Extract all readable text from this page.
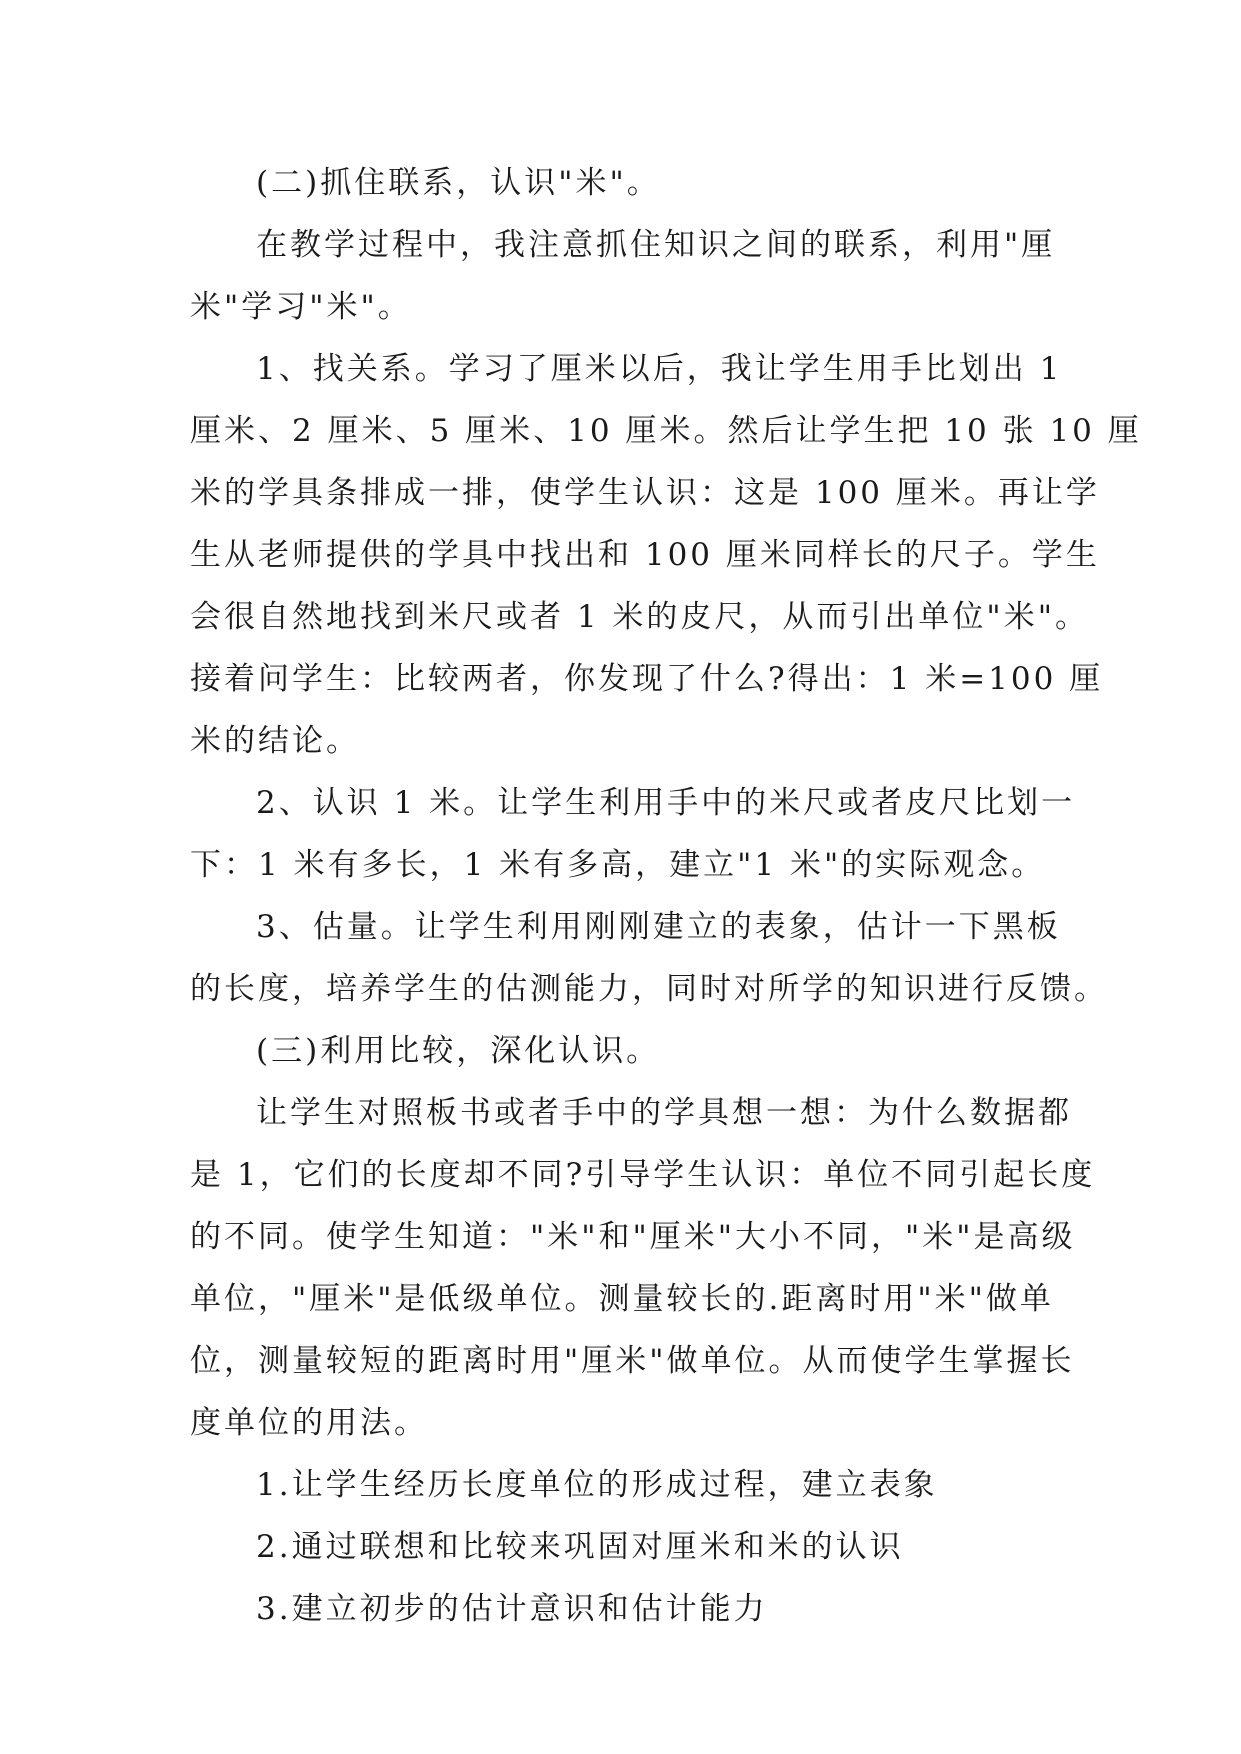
(二)抓住联系，认识"米"。
在教学过程中，我注意抓住知识之间的联系，利用"厘
米"学习"米"。
1、找关系。学习了厘米以后，我让学生用手比划出 1
厘米、2 厘米、5 厘米、10 厘米。然后让学生把 10 张 10 厘
米的学具条排成一排，使学生认识：这是 100 厘米。再让学
生从老师提供的学具中找出和 100 厘米同样长的尺子。学生
会很自然地找到米尺或者 1 米的皮尺，从而引出单位"米"。
接着问学生：比较两者，你发现了什么?得出：1 米=100 厘
米的结论。
2、认识 1 米。让学生利用手中的米尺或者皮尺比划一
下：1 米有多长，1 米有多高，建立"1 米"的实际观念。
3、估量。让学生利用刚刚建立的表象，估计一下黑板
的长度，培养学生的估测能力，同时对所学的知识进行反馈。
(三)利用比较，深化认识。
让学生对照板书或者手中的学具想一想：为什么数据都
是 1，它们的长度却不同?引导学生认识：单位不同引起长度
的不同。使学生知道："米"和"厘米"大小不同，"米"是高级
单位，"厘米"是低级单位。测量较长的.距离时用"米"做单
位，测量较短的距离时用"厘米"做单位。从而使学生掌握长
度单位的用法。
1.让学生经历长度单位的形成过程，建立表象
2.通过联想和比较来巩固对厘米和米的认识
3.建立初步的估计意识和估计能力
